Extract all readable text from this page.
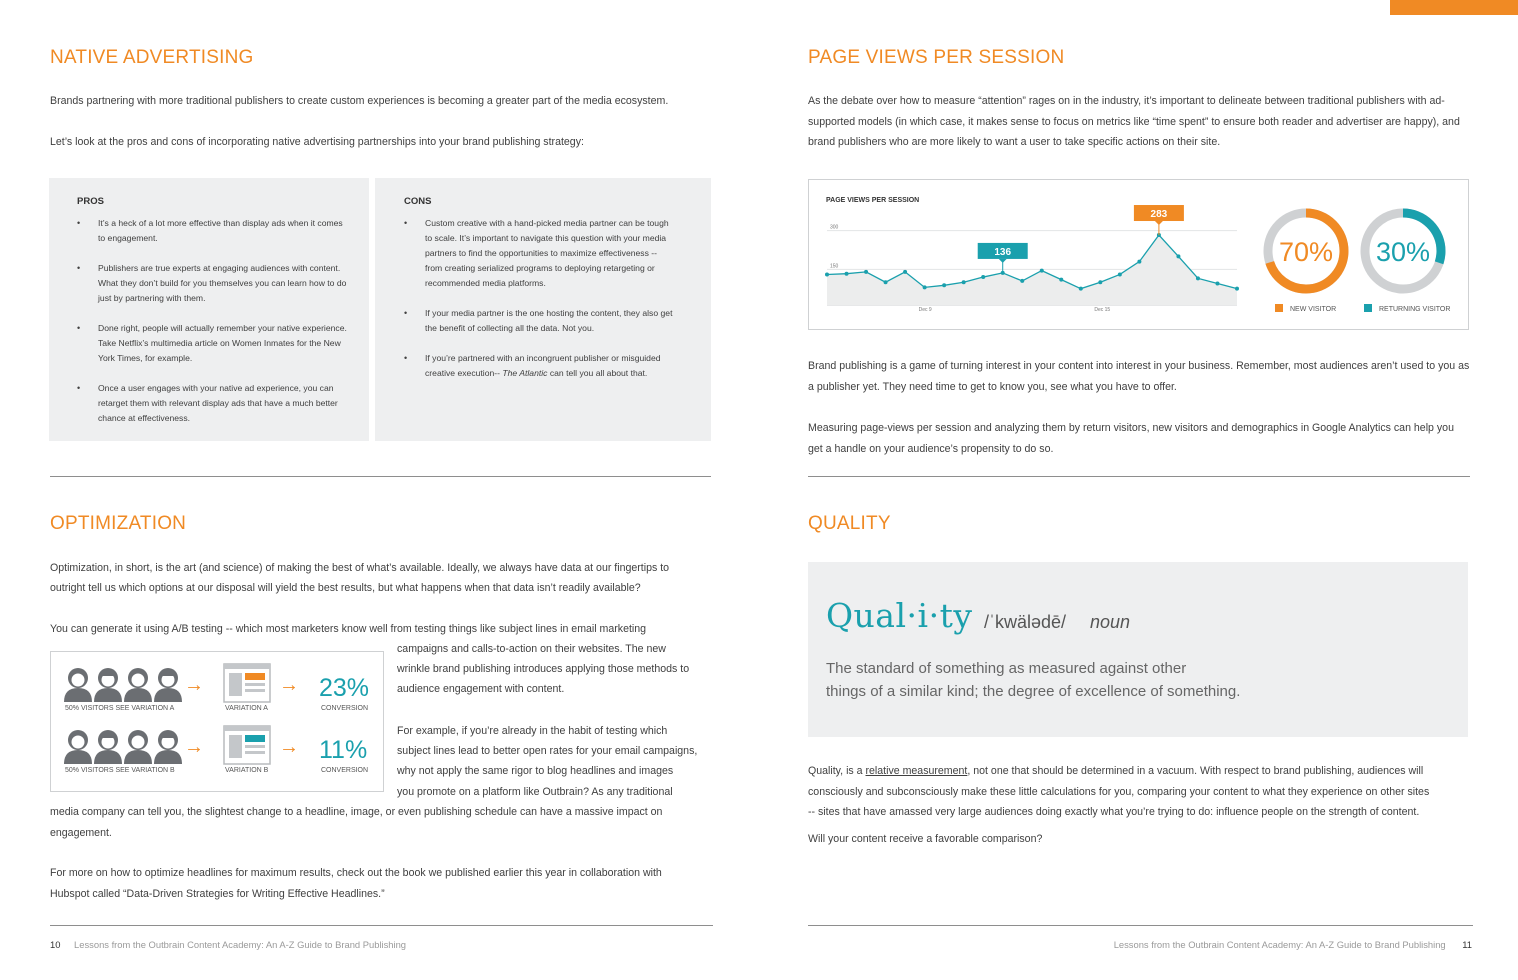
NATIVE ADVERTISING

Brands partnering with more traditional publishers to create custom experiences is becoming a greater part of the media ecosystem.

Let’s look at the pros and cons of incorporating native advertising partnerships into your brand publishing strategy:

PROS
• It’s a heck of a lot more effective than display ads when it comes to engagement.
• Publishers are true experts at engaging audiences with content. What they don’t build for you themselves you can learn how to do just by partnering with them.
• Done right, people will actually remember your native experience. Take Netflix’s multimedia article on Women Inmates for the New York Times, for example.
• Once a user engages with your native ad experience, you can retarget them with relevant display ads that have a much better chance at effectiveness.
CONS
• Custom creative with a hand-picked media partner can be tough to scale. It’s important to navigate this question with your media partners to find the opportunities to maximize effectiveness -- from creating serialized programs to deploying retargeting or recommended media platforms.
• If your media partner is the one hosting the content, they also get the benefit of collecting all the data. Not you.
• If you’re partnered with an incongruent publisher or misguided creative execution-- The Atlantic can tell you all about that.
PAGE VIEWS PER SESSION

As the debate over how to measure “attention” rages on in the industry, it’s important to delineate between traditional publishers with ad-supported models (in which case, it makes sense to focus on metrics like “time spent” to ensure both reader and advertiser are happy), and brand publishers who are more likely to want a user to take specific actions on their site.

PAGE VIEWS PER SESSION
150
300
Dec 9	Dec 15
136
283
70%
NEW VISITOR
30%
RETURNING VISITOR

Brand publishing is a game of turning interest in your content into interest in your business. Remember, most audiences aren’t used to you as a publisher yet. They need time to get to know you, see what you have to offer.

Measuring page-views per session and analyzing them by return visitors, new visitors and demographics in Google Analytics can help you get a handle on your audience’s propensity to do so.

OPTIMIZATION

Optimization, in short, is the art (and science) of making the best of what’s available. Ideally, we always have data at our fingertips to

outright tell us which options at our disposal will yield the best results, but what happens when that data isn’t readily available?

You can generate it using A/B testing -- which most marketers know well from testing things like subject lines in email marketing

campaigns and calls-to-action on their websites. The new

wrinkle brand publishing introduces applying those methods to

audience engagement with content.

For example, if you’re already in the habit of testing which

subject lines lead to better open rates for your email campaigns,

why not apply the same rigor to blog headlines and images

you promote on a platform like Outbrain? As any traditional

media company can tell you, the slightest change to a headline, image, or even publishing schedule can have a massive impact on

engagement.

For more on how to optimize headlines for maximum results, check out the book we published earlier this year in collaboration with

Hubspot called “Data-Driven Strategies for Writing Effective Headlines.”

→	→
→	→
50% VISITORS SEE VARIATION A	VARIATION A
23%
CONVERSION
50% VISITORS SEE VARIATION B	VARIATION B
11%
CONVERSION
QUALITY
Qual·i·ty /ˈkwälədē/ noun

The standard of something as measured against other

things of a similar kind; the degree of excellence of something.

Quality, is a relative measurement, not one that should be determined in a vacuum. With respect to brand publishing, audiences will

consciously and subconsciously make these little calculations for you, comparing your content to what they experience on other sites

-- sites that have amassed very large audiences doing exactly what you’re trying to do: influence people on the strength of content.

Will your content receive a favorable comparison?

10 Lessons from the Outbrain Content Academy: An A-Z Guide to Brand Publishing	Lessons from the Outbrain Content Academy: An A-Z Guide to Brand Publishing 11
